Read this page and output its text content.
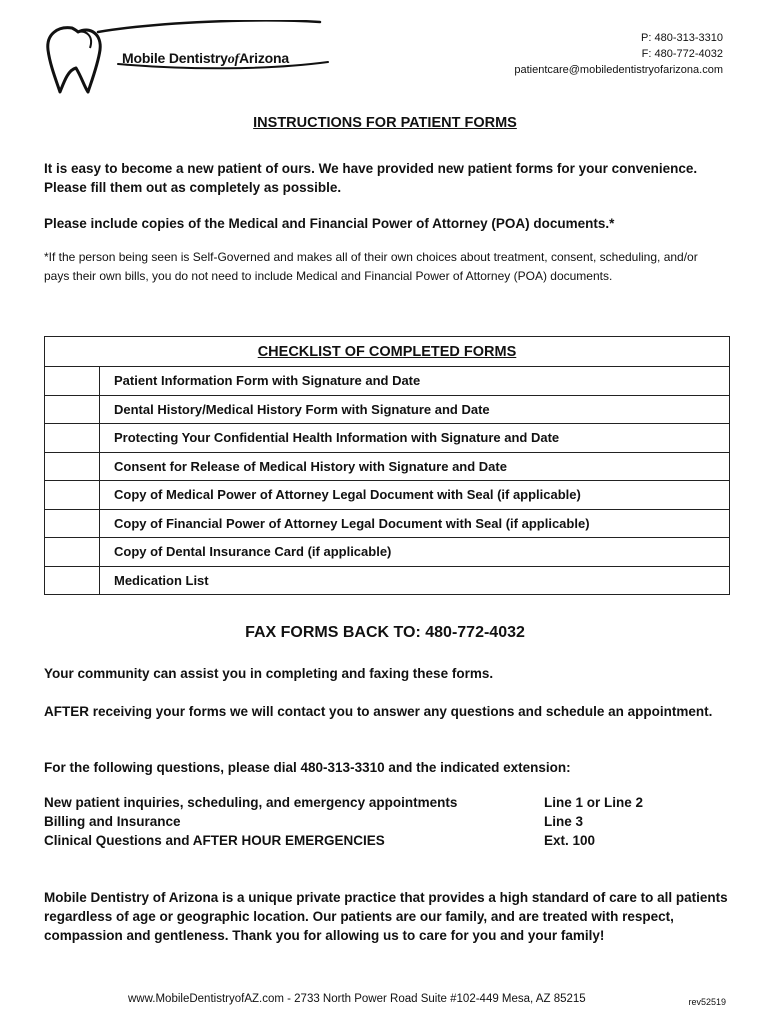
Mobile DentistryofArizona
P: 480-313-3310
F: 480-772-4032
patientcare@mobiledentistryofarizona.com
INSTRUCTIONS FOR PATIENT FORMS
It is easy to become a new patient of ours. We have provided new patient forms for your convenience. Please fill them out as completely as possible.
Please include copies of the Medical and Financial Power of Attorney (POA) documents.*
*If the person being seen is Self-Governed and makes all of their own choices about treatment, consent, scheduling, and/or pays their own bills, you do not need to include Medical and Financial Power of Attorney (POA) documents.
CHECKLIST OF COMPLETED FORMS	
	Patient Information Form with Signature and Date
	Dental History/Medical History Form with Signature and Date
	Protecting Your Confidential Health Information with Signature and Date
	Consent for Release of Medical History with Signature and Date
	Copy of Medical Power of Attorney Legal Document with Seal (if applicable)
	Copy of Financial Power of Attorney Legal Document with Seal (if applicable)
	Copy of Dental Insurance Card (if applicable)
	Medication List
FAX FORMS BACK TO: 480-772-4032
Your community can assist you in completing and faxing these forms.
AFTER receiving your forms we will contact you to answer any questions and schedule an appointment.
For the following questions, please dial 480-313-3310 and the indicated extension:
New patient inquiries, scheduling, and emergency appointments	Line 1 or Line 2
Billing and Insurance	Line 3
Clinical Questions and AFTER HOUR EMERGENCIES	Ext. 100
Mobile Dentistry of Arizona is a unique private practice that provides a high standard of care to all patients regardless of age or geographic location. Our patients are our family, and are treated with respect, compassion and gentleness. Thank you for allowing us to care for you and your family!
www.MobileDentistryofAZ.com - 2733 North Power Road Suite #102-449 Mesa, AZ 85215	rev52519
